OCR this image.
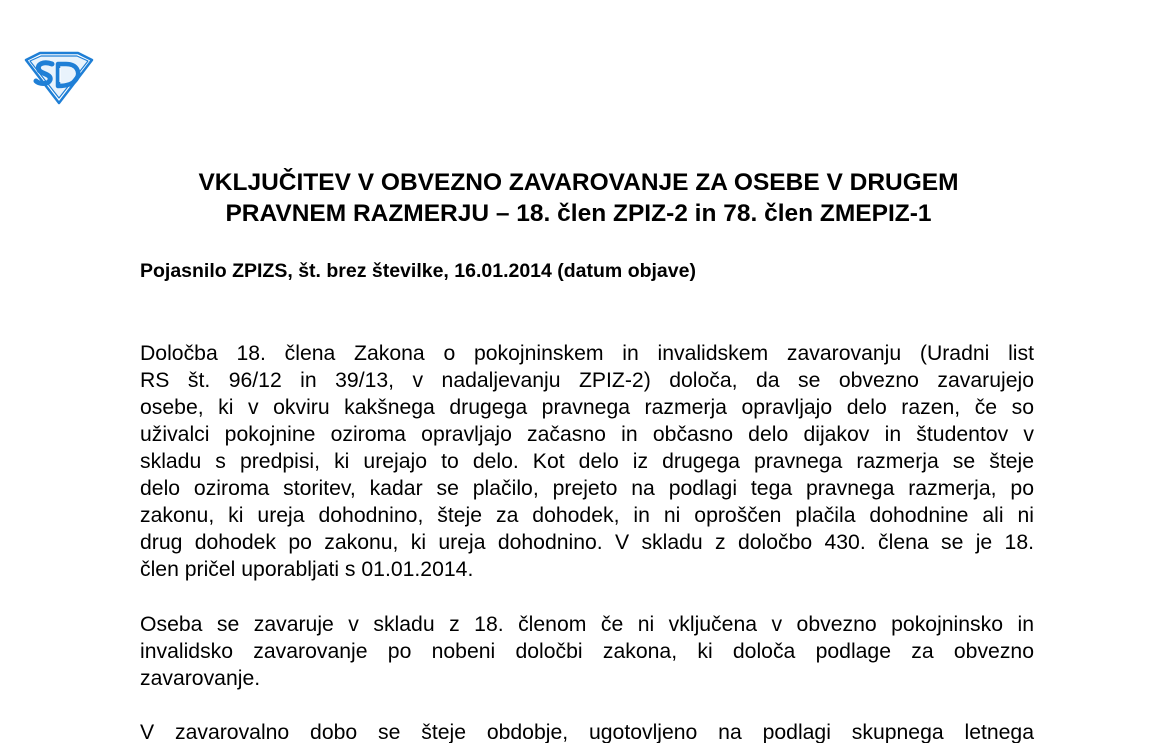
VKLJUČITEV V OBVEZNO ZAVAROVANJE ZA OSEBE V DRUGEM
PRAVNEM RAZMERJU – 18. člen ZPIZ-2 in 78. člen ZMEPIZ-1
Pojasnilo ZPIZS, št. brez številke, 16.01.2014 (datum objave)
Določba 18. člena Zakona o pokojninskem in invalidskem zavarovanju (Uradni list
RS št. 96/12 in 39/13, v nadaljevanju ZPIZ-2) določa, da se obvezno zavarujejo
osebe, ki v okviru kakšnega drugega pravnega razmerja opravljajo delo razen, če so
uživalci pokojnine oziroma opravljajo začasno in občasno delo dijakov in študentov v
skladu s predpisi, ki urejajo to delo. Kot delo iz drugega pravnega razmerja se šteje
delo oziroma storitev, kadar se plačilo, prejeto na podlagi tega pravnega razmerja, po
zakonu, ki ureja dohodnino, šteje za dohodek, in ni oproščen plačila dohodnine ali ni
drug dohodek po zakonu, ki ureja dohodnino. V skladu z določbo 430. člena se je 18.
člen pričel uporabljati s 01.01.2014.
Oseba se zavaruje v skladu z 18. členom če ni vključena v obvezno pokojninsko in
invalidsko zavarovanje po nobeni določbi zakona, ki določa podlage za obvezno
zavarovanje.
V zavarovalno dobo se šteje obdobje, ugotovljeno na podlagi skupnega letnega
